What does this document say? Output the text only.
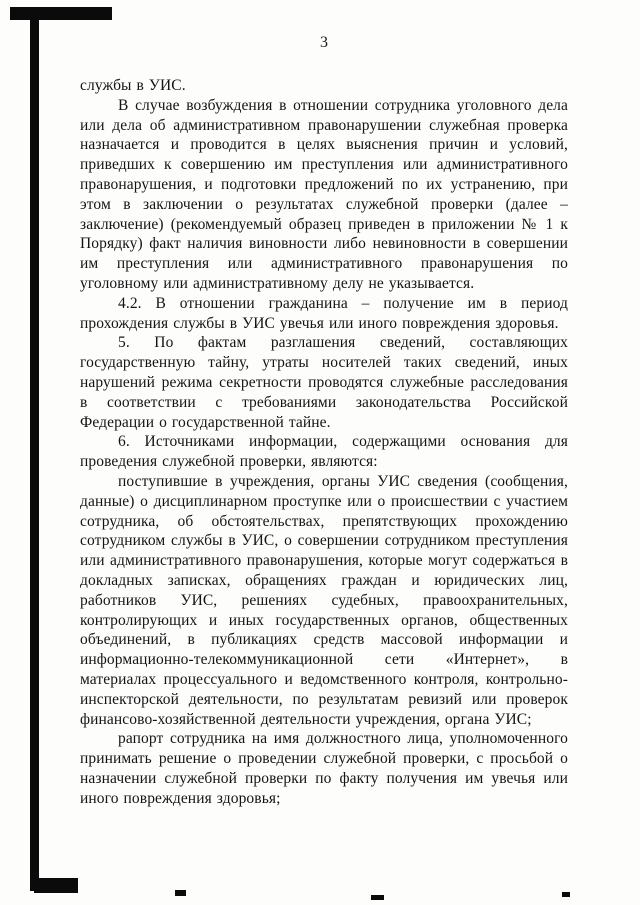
3

службы в УИС.

В случае возбуждения в отношении сотрудника уголовного дела или дела об административном правонарушении служебная проверка назначается и проводится в целях выяснения причин и условий, приведших к совершению им преступления или административного правонарушения, и подготовки предложений по их устранению, при этом в заключении о результатах служебной проверки (далее – заключение) (рекомендуемый образец приведен в приложении № 1 к Порядку) факт наличия виновности либо невиновности в совершении им преступления или административного правонарушения по уголовному или административному делу не указывается.

4.2. В отношении гражданина – получение им в период прохождения службы в УИС увечья или иного повреждения здоровья.

5. По фактам разглашения сведений, составляющих государственную тайну, утраты носителей таких сведений, иных нарушений режима секретности проводятся служебные расследования в соответствии с требованиями законодательства Российской Федерации о государственной тайне.

6. Источниками информации, содержащими основания для проведения служебной проверки, являются:

поступившие в учреждения, органы УИС сведения (сообщения, данные) о дисциплинарном проступке или о происшествии с участием сотрудника, об обстоятельствах, препятствующих прохождению сотрудником службы в УИС, о совершении сотрудником преступления или административного правонарушения, которые могут содержаться в докладных записках, обращениях граждан и юридических лиц, работников УИС, решениях судебных, правоохранительных, контролирующих и иных государственных органов, общественных объединений, в публикациях средств массовой информации и информационно-телекоммуникационной сети «Интернет», в материалах процессуального и ведомственного контроля, контрольно-инспекторской деятельности, по результатам ревизий или проверок финансово-хозяйственной деятельности учреждения, органа УИС;

рапорт сотрудника на имя должностного лица, уполномоченного принимать решение о проведении служебной проверки, с просьбой о назначении служебной проверки по факту получения им увечья или иного повреждения здоровья;
